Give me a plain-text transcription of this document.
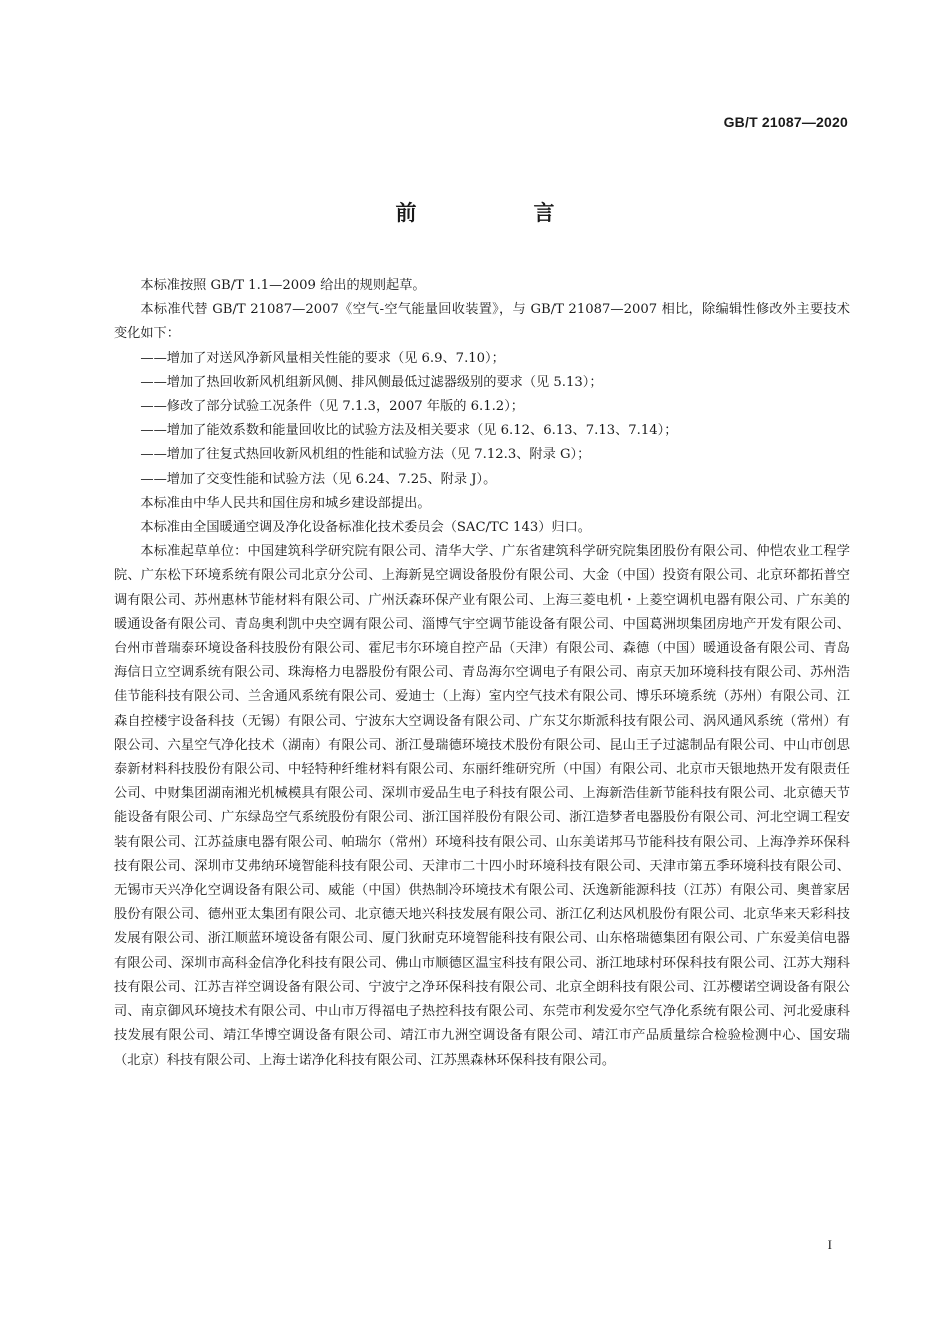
GB/T 21087—2020
前　言

本标准按照 GB/T 1.1—2009 给出的规则起草。

本标准代替 GB/T 21087—2007《空气-空气能量回收装置》，与 GB/T 21087—2007 相比，除编辑性修改外主要技术变化如下：

——增加了对送风净新风量相关性能的要求（见 6.9、7.10）；

——增加了热回收新风机组新风侧、排风侧最低过滤器级别的要求（见 5.13）；

——修改了部分试验工况条件（见 7.1.3，2007 年版的 6.1.2）；

——增加了能效系数和能量回收比的试验方法及相关要求（见 6.12、6.13、7.13、7.14）；

——增加了往复式热回收新风机组的性能和试验方法（见 7.12.3、附录 G）；

——增加了交变性能和试验方法（见 6.24、7.25、附录 J）。

本标准由中华人民共和国住房和城乡建设部提出。

本标准由全国暖通空调及净化设备标准化技术委员会（SAC/TC 143）归口。

本标准起草单位：中国建筑科学研究院有限公司、清华大学、广东省建筑科学研究院集团股份有限公司、仲恺农业工程学院、广东松下环境系统有限公司北京分公司、上海新晃空调设备股份有限公司、大金（中国）投资有限公司、北京环都拓普空调有限公司、苏州惠林节能材料有限公司、广州沃森环保产业有限公司、上海三菱电机・上菱空调机电器有限公司、广东美的暖通设备有限公司、青岛奥利凯中央空调有限公司、淄博气宇空调节能设备有限公司、中国葛洲坝集团房地产开发有限公司、台州市普瑞泰环境设备科技股份有限公司、霍尼韦尔环境自控产品（天津）有限公司、森德（中国）暖通设备有限公司、青岛海信日立空调系统有限公司、珠海格力电器股份有限公司、青岛海尔空调电子有限公司、南京天加环境科技有限公司、苏州浩佳节能科技有限公司、兰舍通风系统有限公司、爱迪士（上海）室内空气技术有限公司、博乐环境系统（苏州）有限公司、江森自控楼宇设备科技（无锡）有限公司、宁波东大空调设备有限公司、广东艾尔斯派科技有限公司、涡风通风系统（常州）有限公司、六星空气净化技术（湖南）有限公司、浙江曼瑞德环境技术股份有限公司、昆山王子过滤制品有限公司、中山市创思泰新材料科技股份有限公司、中轻特种纤维材料有限公司、东丽纤维研究所（中国）有限公司、北京市天银地热开发有限责任公司、中财集团湖南湘光机械模具有限公司、深圳市爱品生电子科技有限公司、上海新浩佳新节能科技有限公司、北京德天节能设备有限公司、广东绿岛空气系统股份有限公司、浙江国祥股份有限公司、浙江造梦者电器股份有限公司、河北空调工程安装有限公司、江苏益康电器有限公司、帕瑞尔（常州）环境科技有限公司、山东美诺邦马节能科技有限公司、上海净养环保科技有限公司、深圳市艾弗纳环境智能科技有限公司、天津市二十四小时环境科技有限公司、天津市第五季环境科技有限公司、无锡市天兴净化空调设备有限公司、威能（中国）供热制冷环境技术有限公司、沃逸新能源科技（江苏）有限公司、奥普家居股份有限公司、德州亚太集团有限公司、北京德天地兴科技发展有限公司、浙江亿利达风机股份有限公司、北京华来天彩科技发展有限公司、浙江顺蓝环境设备有限公司、厦门狄耐克环境智能科技有限公司、山东格瑞德集团有限公司、广东爱美信电器有限公司、深圳市高科金信净化科技有限公司、佛山市顺德区温宝科技有限公司、浙江地球村环保科技有限公司、江苏大翔科技有限公司、江苏吉祥空调设备有限公司、宁波宁之净环保科技有限公司、北京全朗科技有限公司、江苏樱诺空调设备有限公司、南京御风环境技术有限公司、中山市万得福电子热控科技有限公司、东莞市利发爱尔空气净化系统有限公司、河北爱康科技发展有限公司、靖江华博空调设备有限公司、靖江市九洲空调设备有限公司、靖江市产品质量综合检验检测中心、国安瑞（北京）科技有限公司、上海士诺净化科技有限公司、江苏黑森林环保科技有限公司。

I
